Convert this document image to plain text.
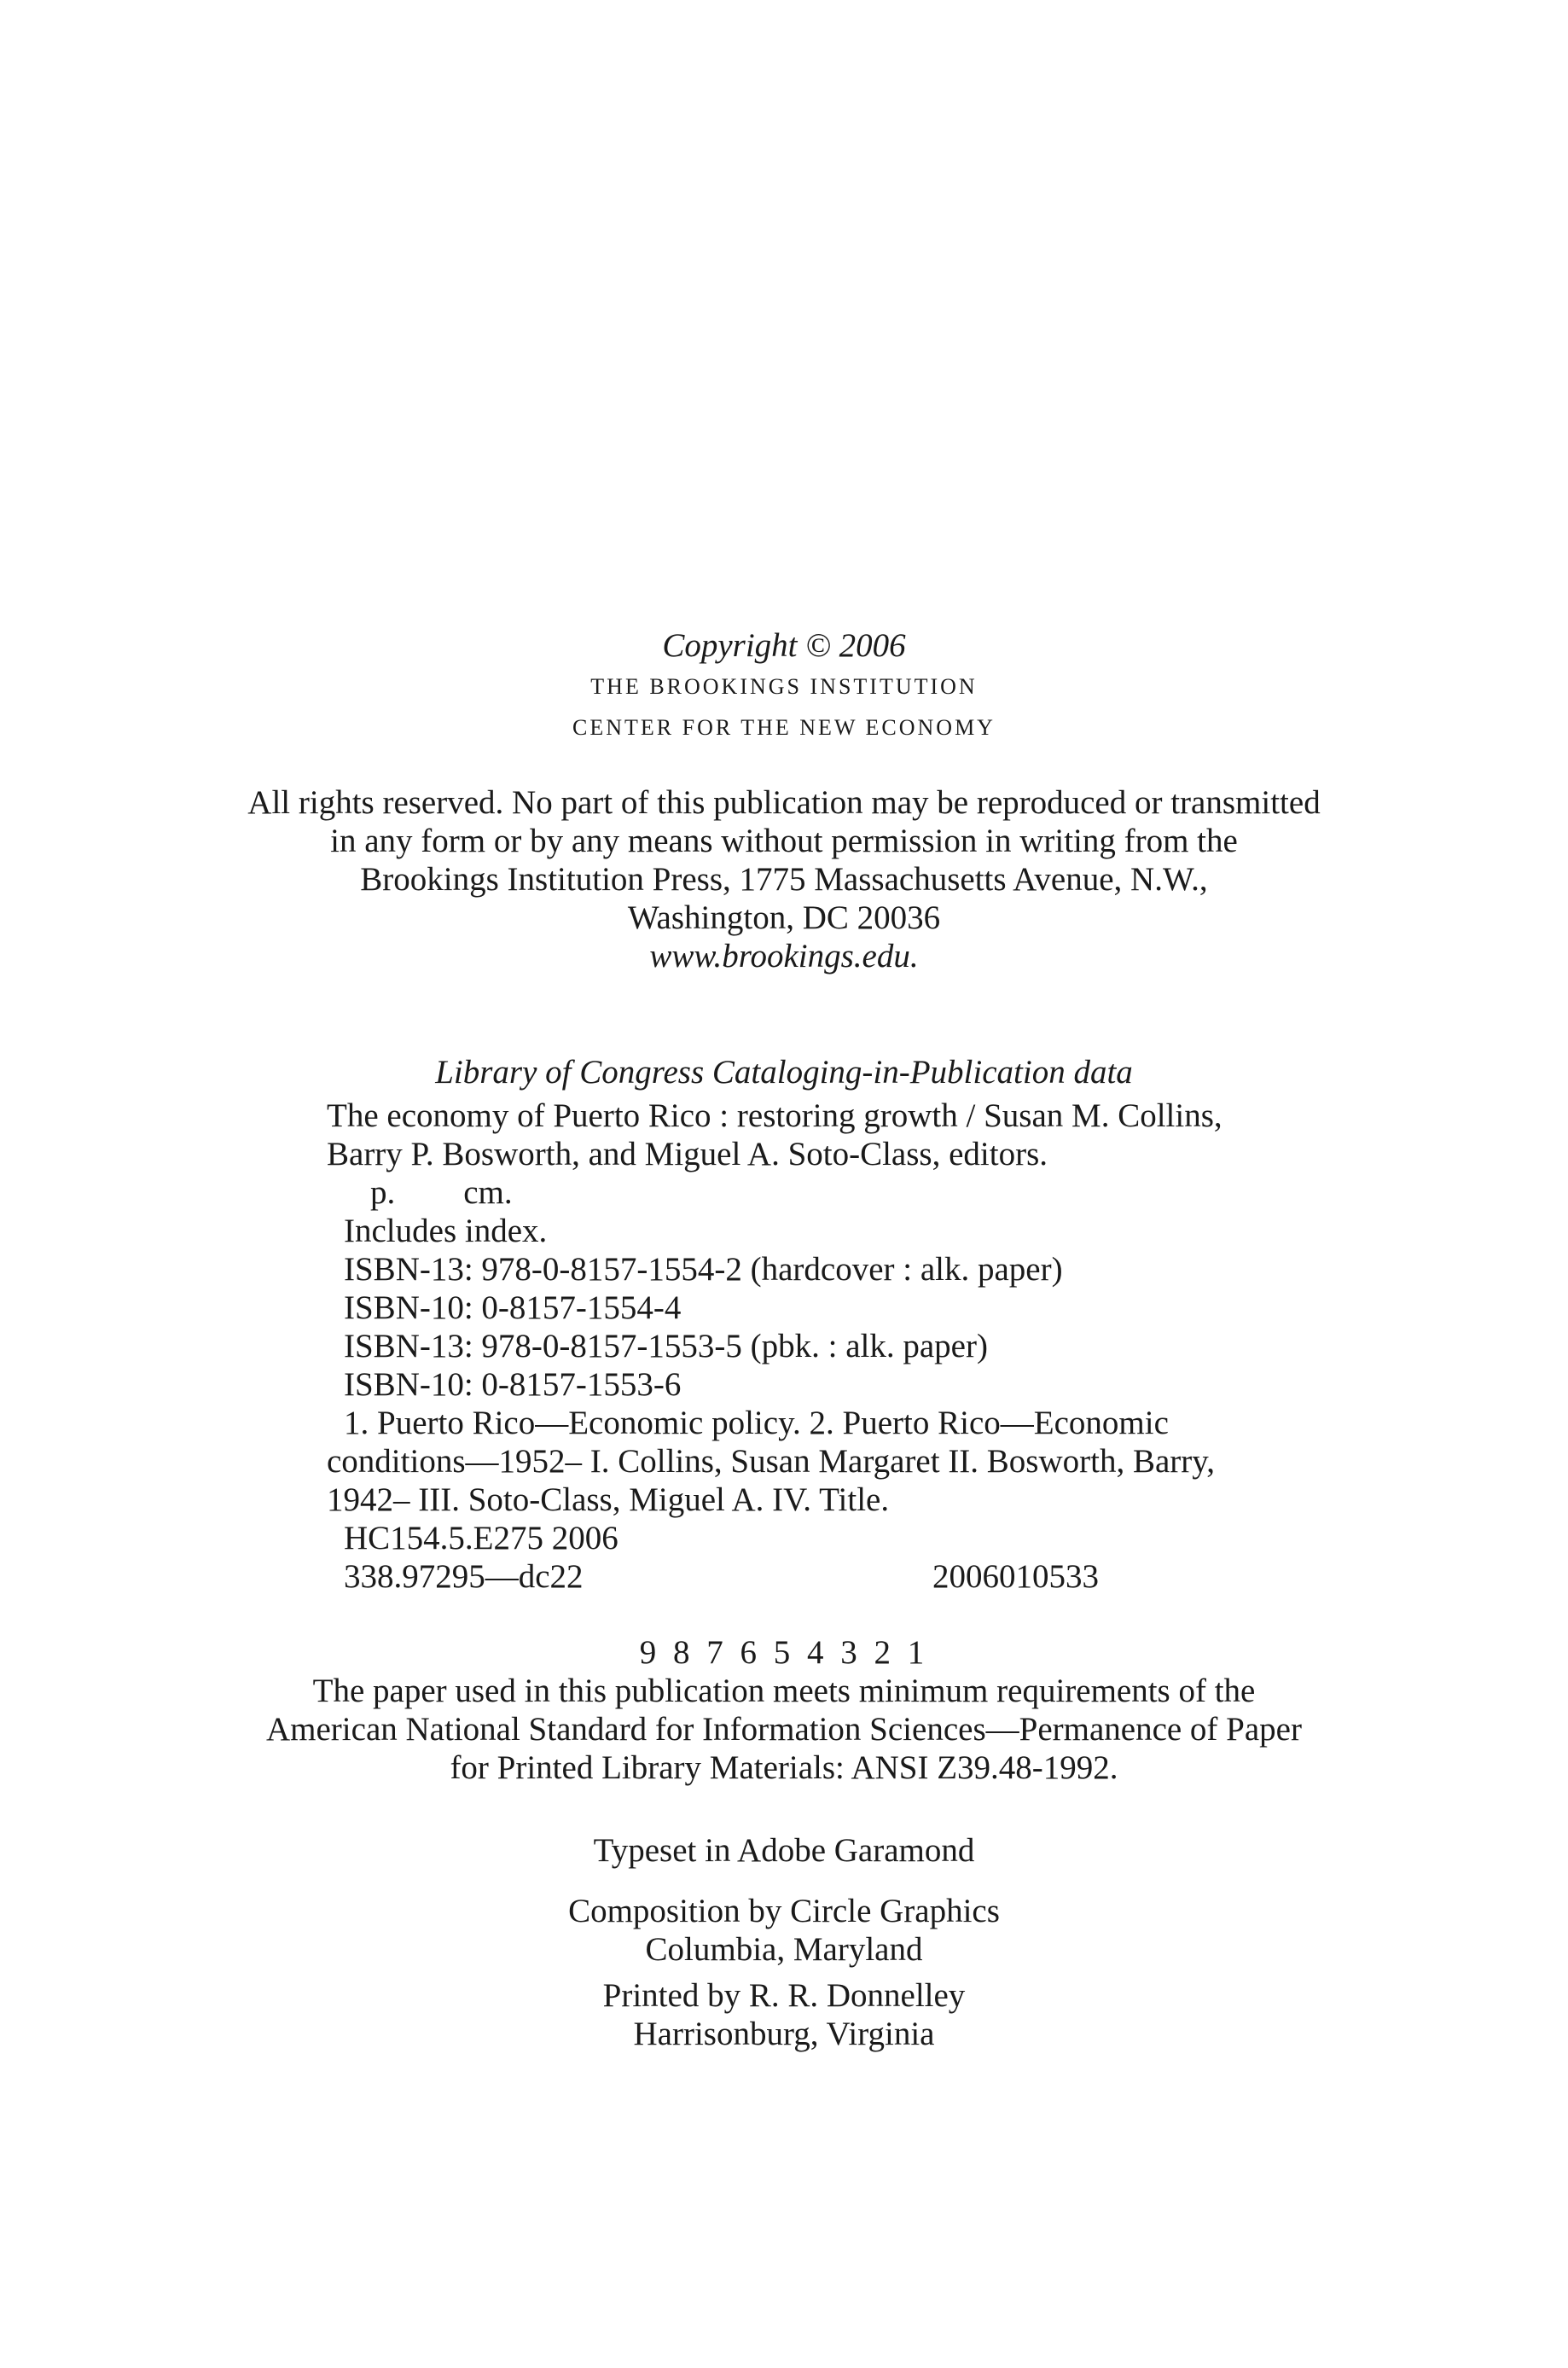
Copyright © 2006
THE BROOKINGS INSTITUTION
CENTER FOR THE NEW ECONOMY
All rights reserved. No part of this publication may be reproduced or transmitted
in any form or by any means without permission in writing from the
Brookings Institution Press, 1775 Massachusetts Avenue, N.W.,
Washington, DC 20036
www.brookings.edu.
Library of Congress Cataloging-in-Publication data
The economy of Puerto Rico : restoring growth / Susan M. Collins,
Barry P. Bosworth, and Miguel A. Soto-Class, editors.
p. cm.
Includes index.
ISBN-13: 978-0-8157-1554-2 (hardcover : alk. paper)
ISBN-10: 0-8157-1554-4
ISBN-13: 978-0-8157-1553-5 (pbk. : alk. paper)
ISBN-10: 0-8157-1553-6
1. Puerto Rico—Economic policy. 2. Puerto Rico—Economic
conditions—1952– I. Collins, Susan Margaret II. Bosworth, Barry,
1942– III. Soto-Class, Miguel A. IV. Title.
HC154.5.E275 2006
338.97295—dc22	2006010533
9 8 7 6 5 4 3 2 1
The paper used in this publication meets minimum requirements of the
American National Standard for Information Sciences—Permanence of Paper
for Printed Library Materials: ANSI Z39.48-1992.
Typeset in Adobe Garamond
Composition by Circle Graphics
Columbia, Maryland
Printed by R. R. Donnelley
Harrisonburg, Virginia
